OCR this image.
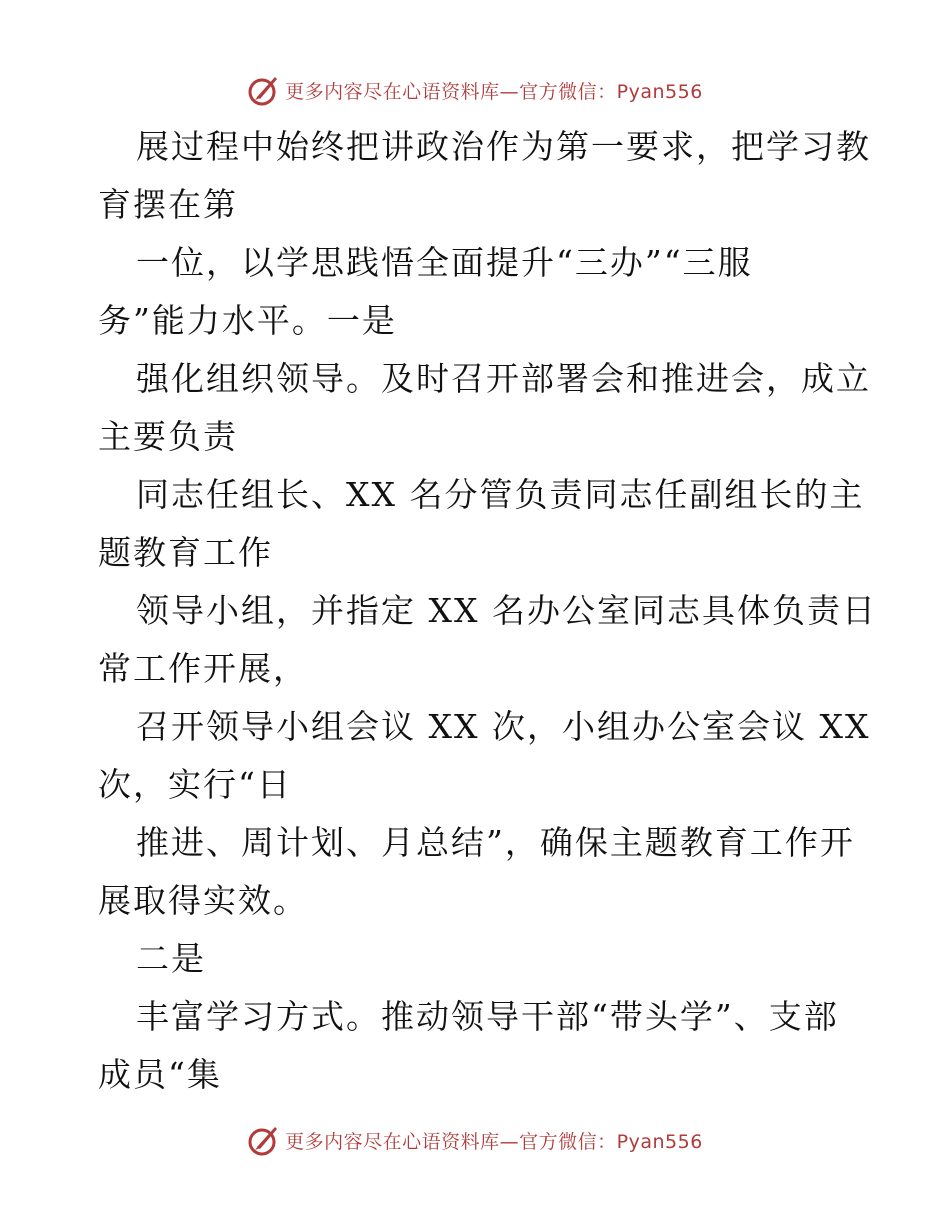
更多内容尽在心语资料库—官方微信：Pyan556
展过程中始终把讲政治作为第一要求，把学习教
育摆在第
一位，以学思践悟全面提升“三办”“三服
务”能力水平。一是
强化组织领导。及时召开部署会和推进会，成立
主要负责
同志任组长、XX 名分管负责同志任副组长的主
题教育工作
领导小组，并指定 XX 名办公室同志具体负责日
常工作开展，
召开领导小组会议 XX 次，小组办公室会议 XX
次，实行“日
推进、周计划、月总结”，确保主题教育工作开
展取得实效。
二是
丰富学习方式。推动领导干部“带头学”、支部
成员“集
更多内容尽在心语资料库—官方微信：Pyan556
